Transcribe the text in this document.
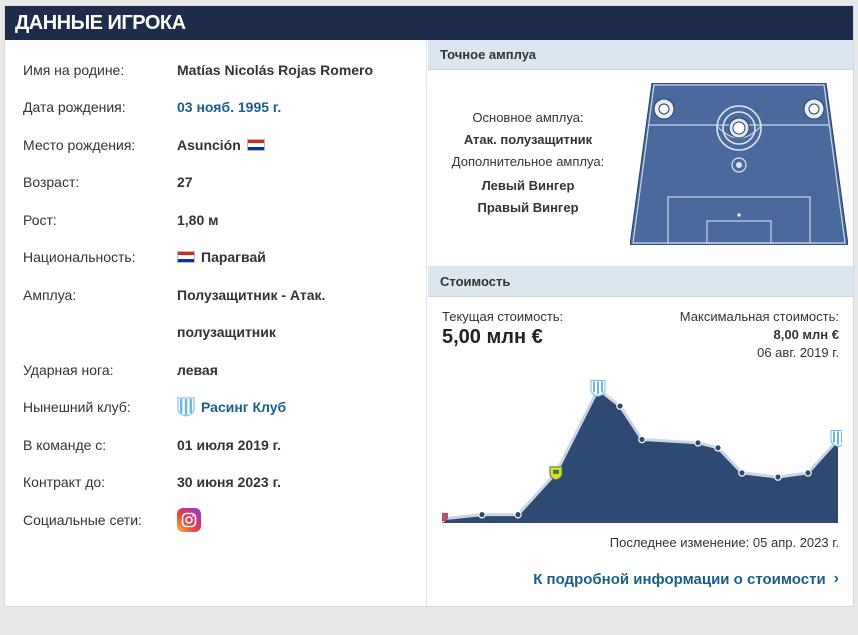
ДАННЫЕ ИГРОКА
Имя на родине:	Matías Nicolás Rojas Romero
Дата рождения:	03 нояб. 1995 г.
Место рождения:	Asunción
Возраст:	27
Рост:	1,80 м
Национальность:	Парагвай
Амплуа:	Полузащитник - Атак.
полузащитник
Ударная нога:	левая
Нынешний клуб:	Расинг Клуб
В команде с:	01 июля 2019 г.
Контракт до:	30 июня 2023 г.
Социальные сети:
Точное амплуа
Основное амплуа:
Атак. полузащитник
Дополнительное амплуа:
Левый Вингер
Правый Вингер
Стоимость
Текущая стоимость:
5,00 млн €
Максимальная стоимость:
8,00 млн €
06 авг. 2019 г.
Последнее изменение: 05 апр. 2023 г.
К подробной информации о стоимости ›
